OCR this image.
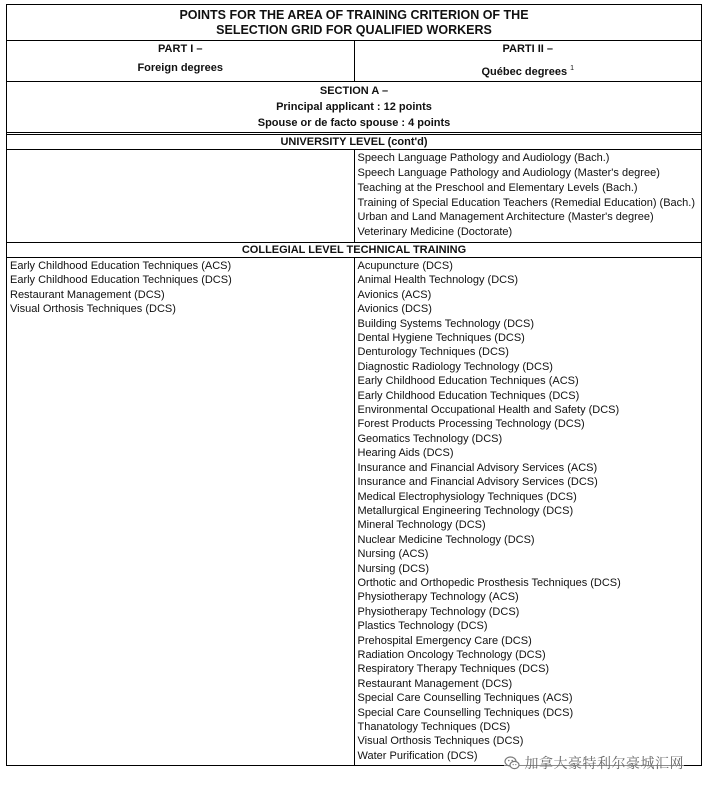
POINTS FOR THE AREA OF TRAINING CRITERION OF THE
SELECTION GRID FOR QUALIFIED WORKERS
PART I –
Foreign degrees
PARTI II –
Québec degrees $^1$
SECTION A –
Principal applicant : 12 points
Spouse or de facto spouse : 4 points
UNIVERSITY LEVEL (cont'd)
Speech Language Pathology and Audiology (Bach.)
Speech Language Pathology and Audiology (Master's degree)
Teaching at the Preschool and Elementary Levels (Bach.)
Training of Special Education Teachers (Remedial Education) (Bach.)
Urban and Land Management Architecture (Master's degree)
Veterinary Medicine (Doctorate)
COLLEGIAL LEVEL TECHNICAL TRAINING
Early Childhood Education Techniques (ACS)
Early Childhood Education Techniques (DCS)
Restaurant Management (DCS)
Visual Orthosis Techniques (DCS)
Acupuncture (DCS)
Animal Health Technology (DCS)
Avionics (ACS)
Avionics (DCS)
Building Systems Technology (DCS)
Dental Hygiene Techniques (DCS)
Denturology Techniques (DCS)
Diagnostic Radiology Technology (DCS)
Early Childhood Education Techniques (ACS)
Early Childhood Education Techniques (DCS)
Environmental Occupational Health and Safety (DCS)
Forest Products Processing Technology (DCS)
Geomatics Technology (DCS)
Hearing Aids (DCS)
Insurance and Financial Advisory Services (ACS)
Insurance and Financial Advisory Services (DCS)
Medical Electrophysiology Techniques (DCS)
Metallurgical Engineering Technology (DCS)
Mineral Technology (DCS)
Nuclear Medicine Technology (DCS)
Nursing (ACS)
Nursing (DCS)
Orthotic and Orthopedic Prosthesis Techniques (DCS)
Physiotherapy Technology (ACS)
Physiotherapy Technology (DCS)
Plastics Technology (DCS)
Prehospital Emergency Care (DCS)
Radiation Oncology Technology (DCS)
Respiratory Therapy Techniques (DCS)
Restaurant Management (DCS)
Special Care Counselling Techniques (ACS)
Special Care Counselling Techniques (DCS)
Thanatology Techniques (DCS)
Visual Orthosis Techniques (DCS)
Water Purification (DCS)	加拿大豪特利尔豪城汇网
